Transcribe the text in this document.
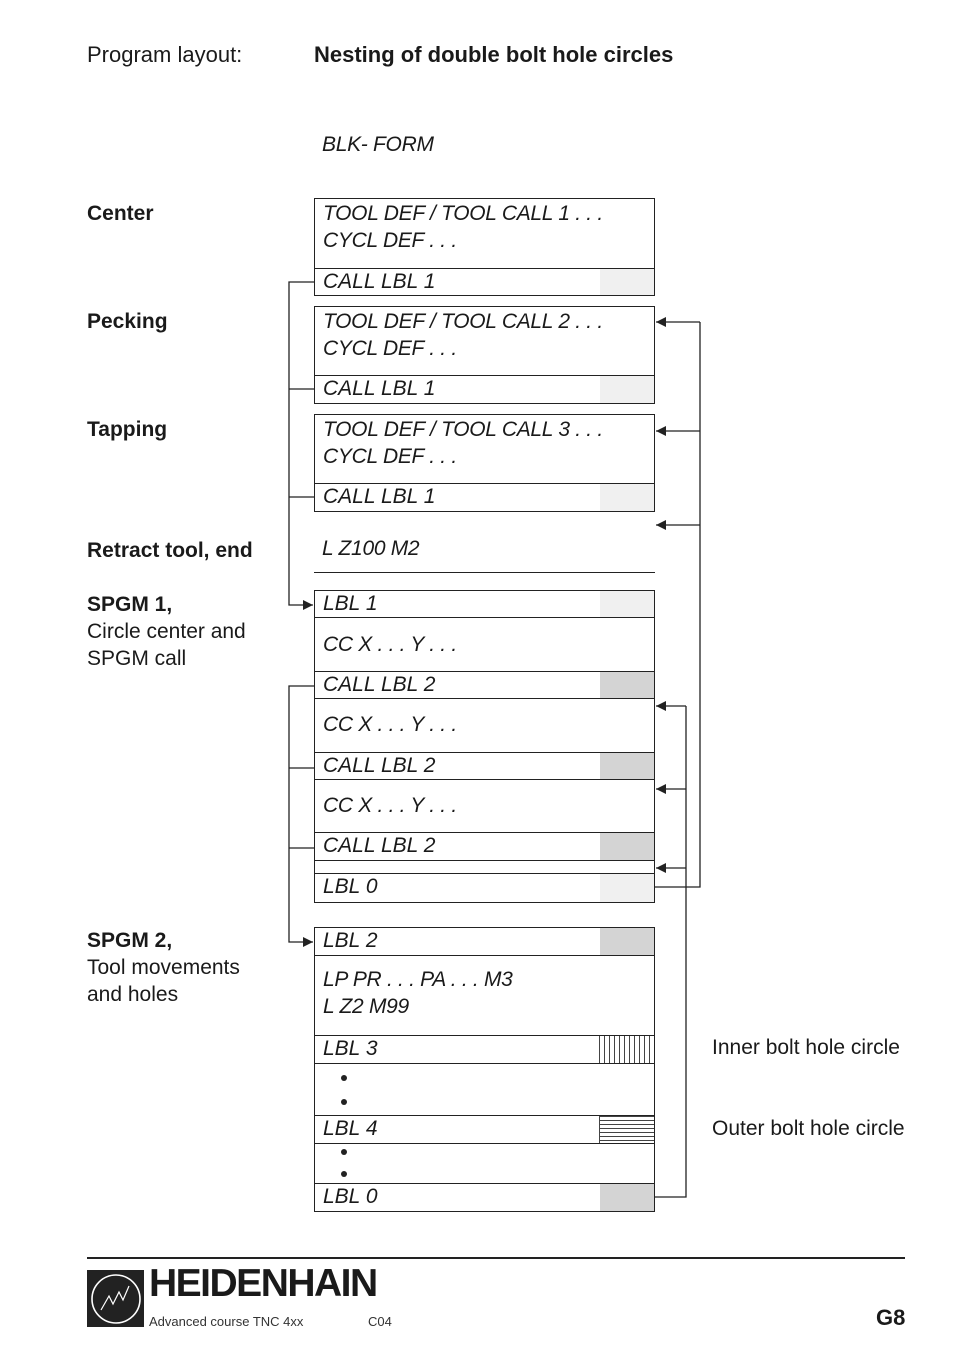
Program layout:	Nesting of double bolt hole circles
BLK- FORM
Center
Pecking
Tapping
Retract tool, end
SPGM 1,
Circle center and
SPGM call
SPGM 2,
Tool movements
and holes
TOOL DEF / TOOL CALL 1 . . .
CYCL DEF . . .
CALL LBL 1
TOOL DEF / TOOL CALL 2 . . .
CYCL DEF . . .
CALL LBL 1
TOOL DEF / TOOL CALL 3 . . .
CYCL DEF . . .
CALL LBL 1
L Z100 M2
LBL 1
CC X . . . Y . . .
CALL LBL 2
CC X . . . Y . . .
CALL LBL 2
CC X . . . Y . . .
CALL LBL 2
LBL 0
LBL 2
LP PR . . . PA . . . M3
L Z2 M99
LBL 3
LBL 4
LBL 0
Inner bolt hole circle
Outer bolt hole circle
HEIDENHAIN
Advanced course TNC 4xx	C04	G8
